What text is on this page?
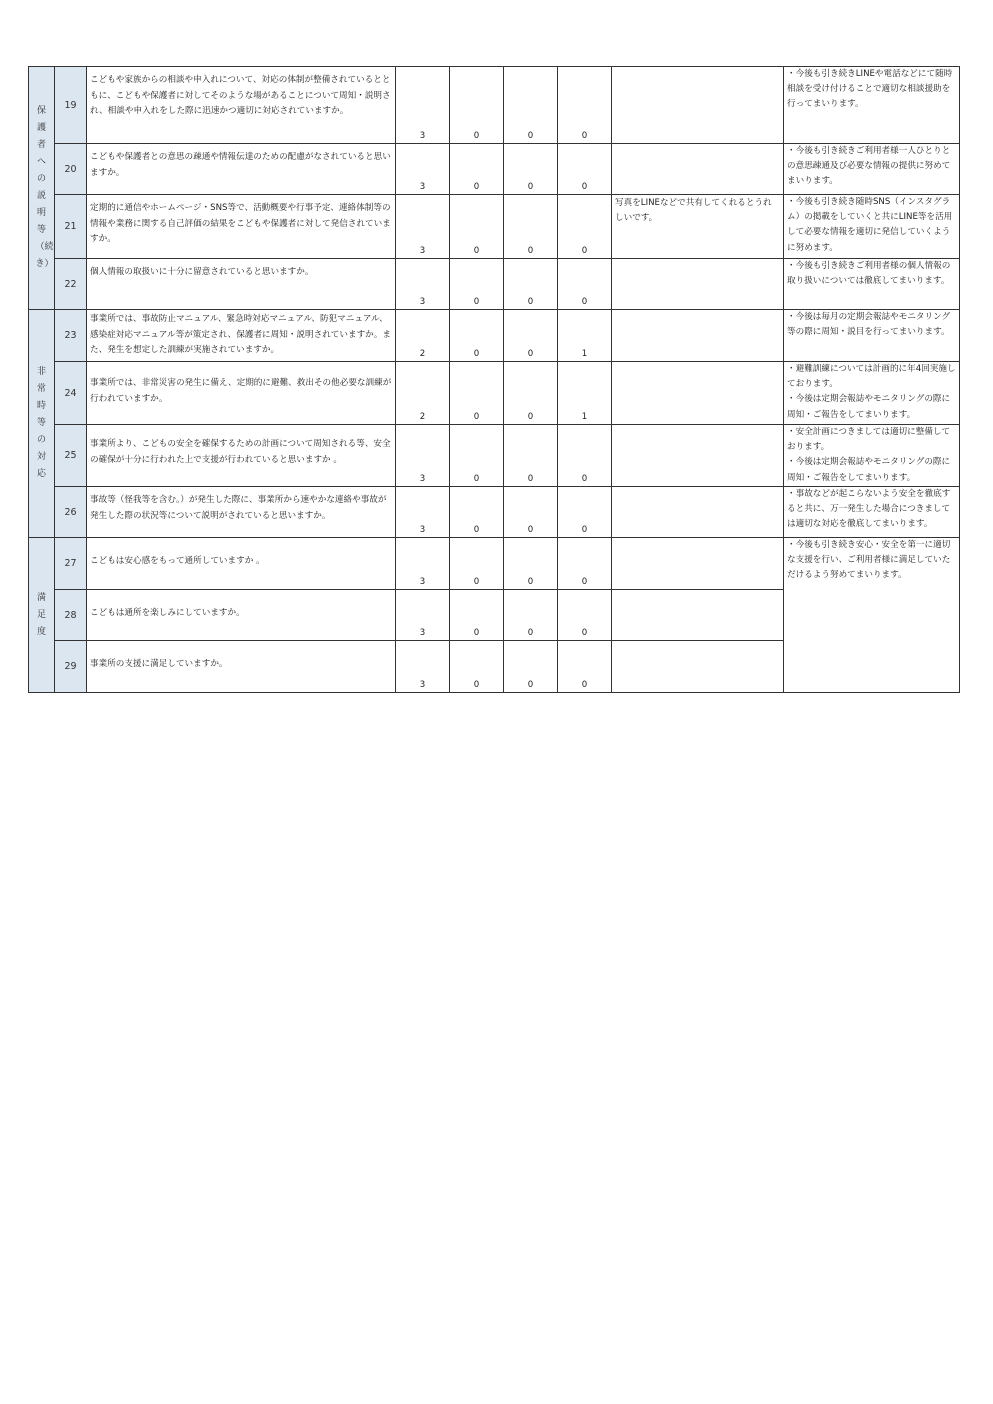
保護者への説明等（続き）	19	こどもや家族からの相談や申入れについて、対応の体制が整備されているとともに、こどもや保護者に対してそのような場があることについて周知・説明され、相談や申入れをした際に迅速かつ適切に対応されていますか。	3	0	0	0		・今後も引き続きLINEや電話などにて随時相談を受け付けることで適切な相談援助を行ってまいります。

	20	こどもや保護者との意思の疎通や情報伝達のための配慮がなされていると思いますか。	3	0	0	0		・今後も引き続きご利用者様一人ひとりとの意思疎通及び必要な情報の提供に努めてまいります。

	21	定期的に通信やホームページ・SNS等で、活動概要や行事予定、連絡体制等の情報や業務に関する自己評価の結果をこどもや保護者に対して発信されていますか。	3	0	0	0	写真をLINEなどで共有してくれるとうれしいです。	・今後も引き続き随時SNS（インスタグラム）の掲載をしていくと共にLINE等を活用して必要な情報を適切に発信していくように努めます。

	22	個人情報の取扱いに十分に留意されていると思いますか。	3	0	0	0		・今後も引き続きご利用者様の個人情報の取り扱いについては徹底してまいります。

非常時等の対応	23	事業所では、事故防止マニュアル、緊急時対応マニュアル、防犯マニュアル、感染症対応マニュアル等が策定され、保護者に周知・説明されていますか。また、発生を想定した訓練が実施されていますか。	2	0	0	1		・今後は毎月の定期会報誌やモニタリング等の際に周知・説目を行ってまいります。

	24	事業所では、非常災害の発生に備え、定期的に避難、救出その他必要な訓練が行われていますか。	2	0	0	1		・避難訓練については計画的に年4回実施しております。
・今後は定期会報誌やモニタリングの際に周知・ご報告をしてまいります。

	25	事業所より、こどもの安全を確保するための計画について周知される等、安全の確保が十分に行われた上で支援が行われていると思いますか 。	3	0	0	0		・安全計画につきましては適切に整備しております。
・今後は定期会報誌やモニタリングの際に周知・ご報告をしてまいります。

	26	事故等（怪我等を含む。）が発生した際に、事業所から速やかな連絡や事故が発生した際の状況等について説明がされていると思いますか。	3	0	0	0		・事故などが起こらないよう安全を徹底すると共に、万一発生した場合につきましては適切な対応を徹底してまいります。

満足度	27	こどもは安心感をもって通所していますか 。	3	0	0	0		・今後も引き続き安心・安全を第一に適切な支援を行い、ご利用者様に満足していただけるよう努めてまいります。

	28	こどもは通所を楽しみにしていますか。	3	0	0	0		

	29	事業所の支援に満足していますか。	3	0	0	0		
